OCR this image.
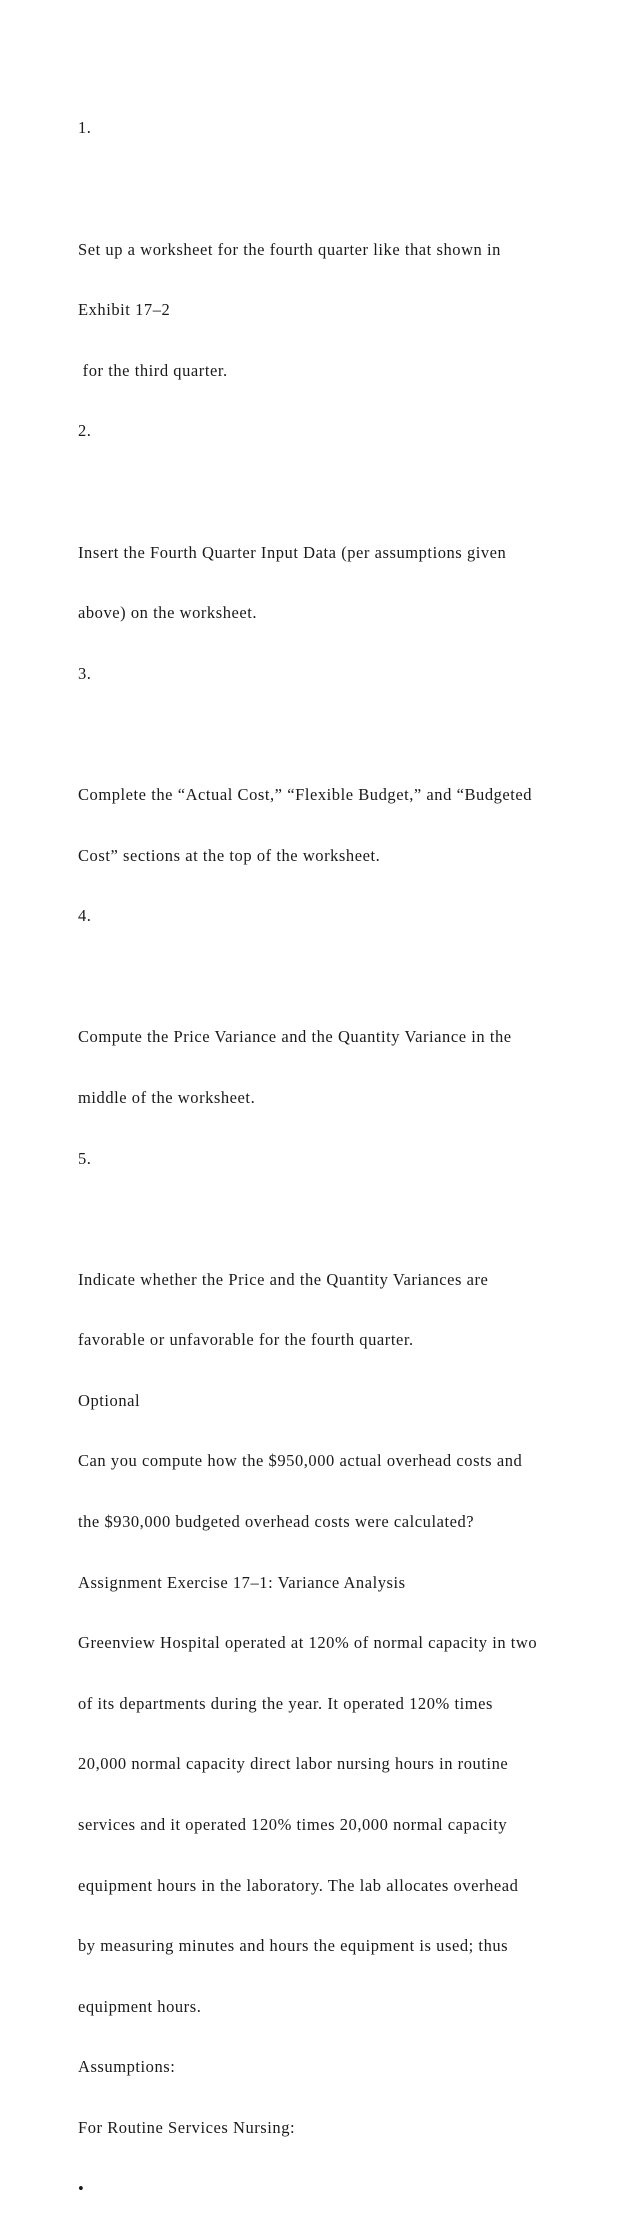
1.

Set up a worksheet for the fourth quarter like that shown in

Exhibit 17–2

for the third quarter.

2.

Insert the Fourth Quarter Input Data (per assumptions given

above) on the worksheet.

3.

Complete the “Actual Cost,” “Flexible Budget,” and “Budgeted

Cost” sections at the top of the worksheet.

4.

Compute the Price Variance and the Quantity Variance in the

middle of the worksheet.

5.

Indicate whether the Price and the Quantity Variances are

favorable or unfavorable for the fourth quarter.

Optional

Can you compute how the $950,000 actual overhead costs and

the $930,000 budgeted overhead costs were calculated?

Assignment Exercise 17–1: Variance Analysis

Greenview Hospital operated at 120% of normal capacity in two

of its departments during the year. It operated 120% times

20,000 normal capacity direct labor nursing hours in routine

services and it operated 120% times 20,000 normal capacity

equipment hours in the laboratory. The lab allocates overhead

by measuring minutes and hours the equipment is used; thus

equipment hours.

Assumptions:

For Routine Services Nursing:

•
